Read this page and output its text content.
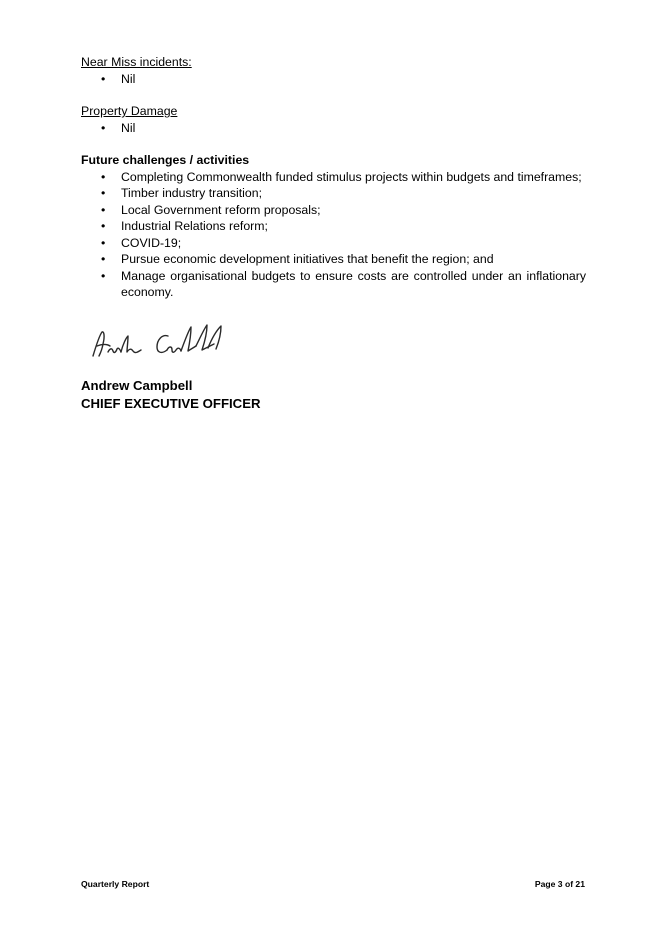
Near Miss incidents:

• Nil

Property Damage

• Nil

Future challenges / activities

• Completing Commonwealth funded stimulus projects within budgets and timeframes;
• Timber industry transition;
• Local Government reform proposals;
• Industrial Relations reform;
• COVID-19;
• Pursue economic development initiatives that benefit the region; and
• Manage organisational budgets to ensure costs are controlled under an inflationary economy.
Andrew Campbell
CHIEF EXECUTIVE OFFICER
Quarterly Report	Page 3 of 21
